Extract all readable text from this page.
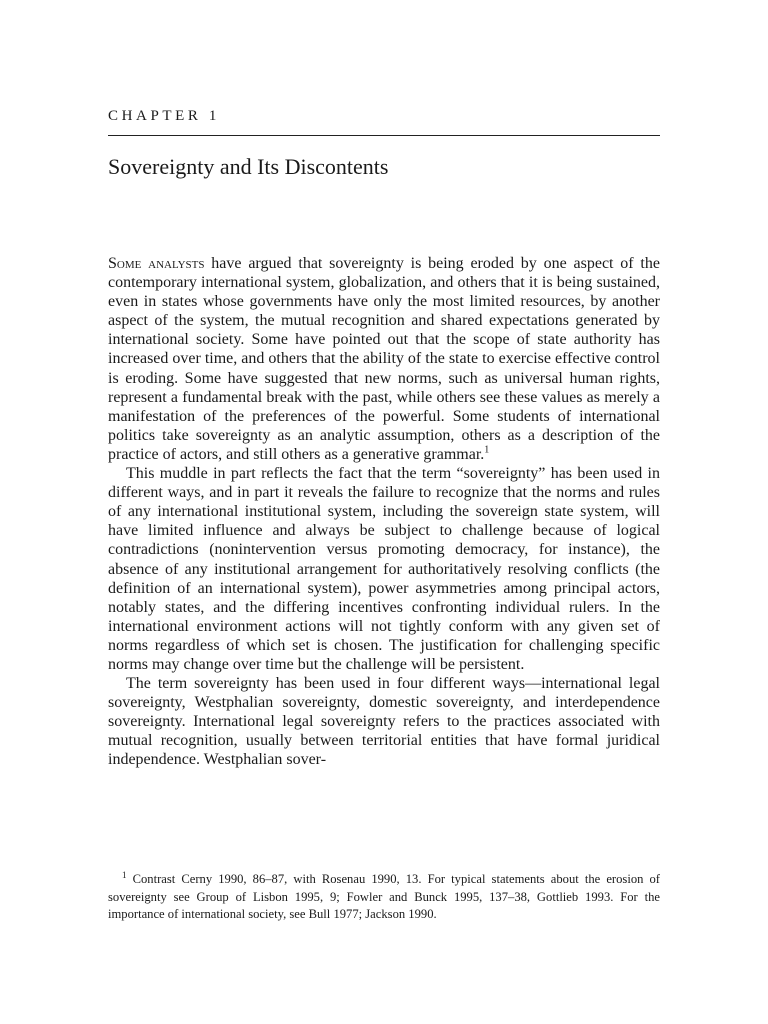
CHAPTER 1
Sovereignty and Its Discontents

Some analysts have argued that sovereignty is being eroded by one aspect of the contemporary international system, globalization, and others that it is being sustained, even in states whose governments have only the most limited resources, by another aspect of the system, the mutual recognition and shared expectations generated by international society. Some have pointed out that the scope of state authority has increased over time, and others that the ability of the state to exercise effective control is eroding. Some have suggested that new norms, such as universal human rights, represent a fundamental break with the past, while others see these values as merely a manifestation of the preferences of the powerful. Some students of international politics take sovereignty as an analytic assumption, others as a description of the practice of actors, and still others as a generative grammar.$^1$

This muddle in part reflects the fact that the term “sovereignty” has been used in different ways, and in part it reveals the failure to recognize that the norms and rules of any international institutional system, including the sovereign state system, will have limited influence and always be subject to challenge because of logical contradictions (nonintervention versus promoting democracy, for instance), the absence of any institutional arrangement for authoritatively resolving conflicts (the definition of an international system), power asymmetries among principal actors, notably states, and the differing incentives confronting individual rulers. In the international environment actions will not tightly conform with any given set of norms regardless of which set is chosen. The justification for challenging specific norms may change over time but the challenge will be persistent.

The term sovereignty has been used in four different ways—international legal sovereignty, Westphalian sovereignty, domestic sovereignty, and interdependence sovereignty. International legal sovereignty refers to the practices associated with mutual recognition, usually between territorial entities that have formal juridical independence. Westphalian sover-

$^1$ Contrast Cerny 1990, 86–87, with Rosenau 1990, 13. For typical statements about the erosion of sovereignty see Group of Lisbon 1995, 9; Fowler and Bunck 1995, 137–38, Gottlieb 1993. For the importance of international society, see Bull 1977; Jackson 1990.
